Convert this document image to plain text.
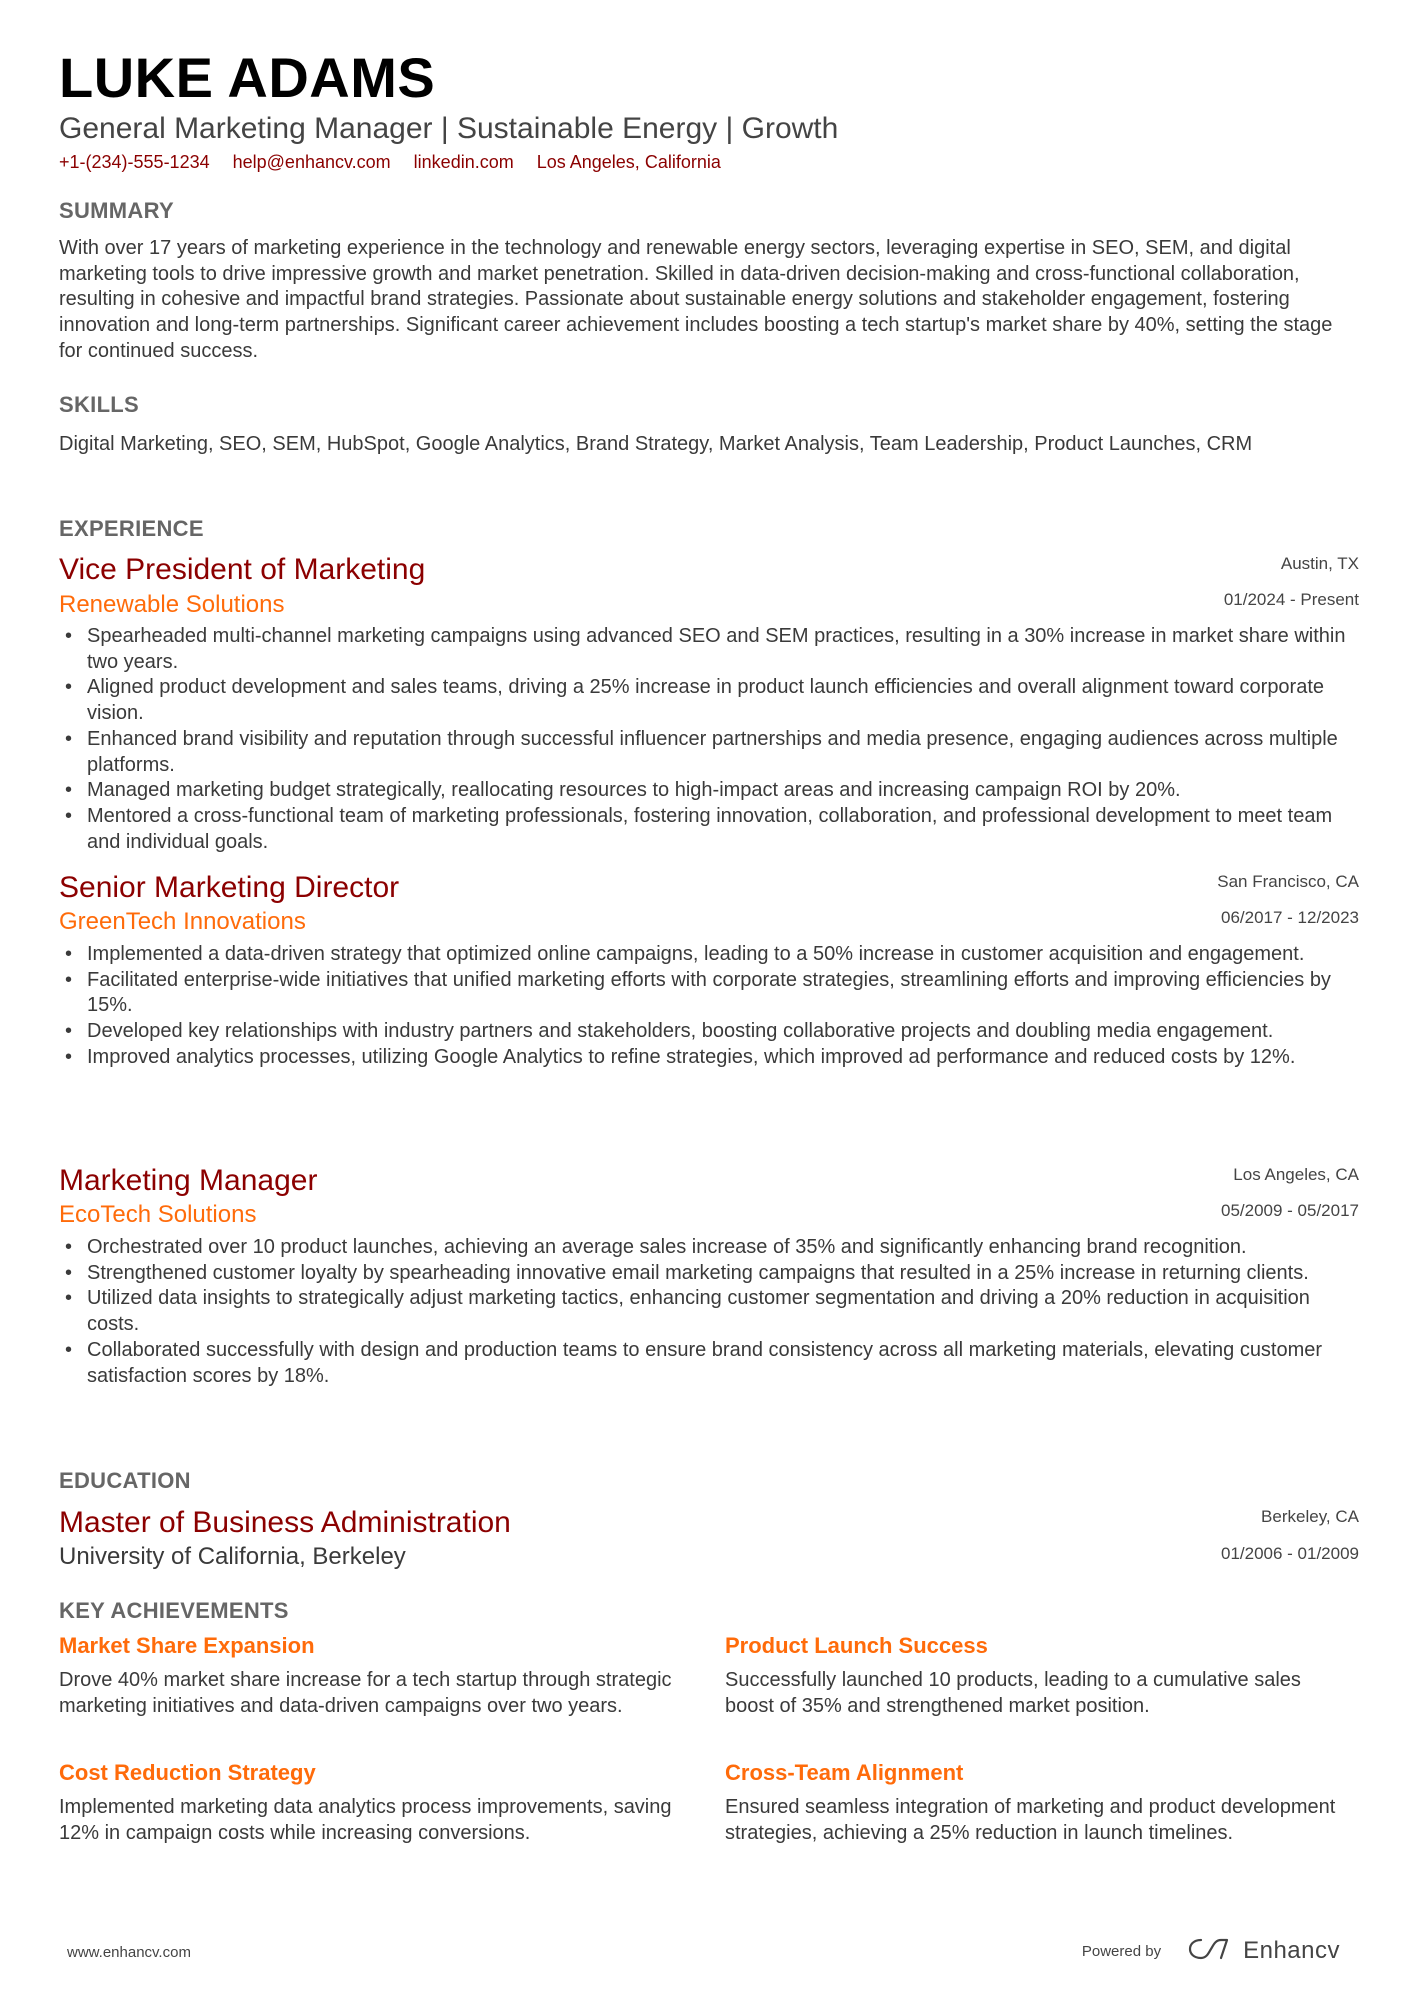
LUKE ADAMS
General Marketing Manager | Sustainable Energy | Growth
+1-(234)-555-1234 help@enhancv.com linkedin.com Los Angeles, California
SUMMARY
With over 17 years of marketing experience in the technology and renewable energy sectors, leveraging expertise in SEO, SEM, and digital marketing tools to drive impressive growth and market penetration. Skilled in data-driven decision-making and cross-functional collaboration, resulting in cohesive and impactful brand strategies. Passionate about sustainable energy solutions and stakeholder engagement, fostering innovation and long-term partnerships. Significant career achievement includes boosting a tech startup's market share by 40%, setting the stage for continued success.
SKILLS
Digital Marketing, SEO, SEM, HubSpot, Google Analytics, Brand Strategy, Market Analysis, Team Leadership, Product Launches, CRM
EXPERIENCE
Vice President of Marketing	Austin, TX
Renewable Solutions	01/2024 - Present
• Spearheaded multi-channel marketing campaigns using advanced SEO and SEM practices, resulting in a 30% increase in market share within two years.
• Aligned product development and sales teams, driving a 25% increase in product launch efficiencies and overall alignment toward corporate vision.
• Enhanced brand visibility and reputation through successful influencer partnerships and media presence, engaging audiences across multiple platforms.
• Managed marketing budget strategically, reallocating resources to high-impact areas and increasing campaign ROI by 20%.
• Mentored a cross-functional team of marketing professionals, fostering innovation, collaboration, and professional development to meet team and individual goals.
Senior Marketing Director	San Francisco, CA
GreenTech Innovations	06/2017 - 12/2023
• Implemented a data-driven strategy that optimized online campaigns, leading to a 50% increase in customer acquisition and engagement.
• Facilitated enterprise-wide initiatives that unified marketing efforts with corporate strategies, streamlining efforts and improving efficiencies by 15%.
• Developed key relationships with industry partners and stakeholders, boosting collaborative projects and doubling media engagement.
• Improved analytics processes, utilizing Google Analytics to refine strategies, which improved ad performance and reduced costs by 12%.
Marketing Manager	Los Angeles, CA
EcoTech Solutions	05/2009 - 05/2017
• Orchestrated over 10 product launches, achieving an average sales increase of 35% and significantly enhancing brand recognition.
• Strengthened customer loyalty by spearheading innovative email marketing campaigns that resulted in a 25% increase in returning clients.
• Utilized data insights to strategically adjust marketing tactics, enhancing customer segmentation and driving a 20% reduction in acquisition costs.
• Collaborated successfully with design and production teams to ensure brand consistency across all marketing materials, elevating customer satisfaction scores by 18%.
EDUCATION
Master of Business Administration	Berkeley, CA
University of California, Berkeley	01/2006 - 01/2009
KEY ACHIEVEMENTS
Market Share Expansion
Drove 40% market share increase for a tech startup through strategic marketing initiatives and data-driven campaigns over two years.
Product Launch Success
Successfully launched 10 products, leading to a cumulative sales boost of 35% and strengthened market position.
Cost Reduction Strategy
Implemented marketing data analytics process improvements, saving 12% in campaign costs while increasing conversions.
Cross-Team Alignment
Ensured seamless integration of marketing and product development strategies, achieving a 25% reduction in launch timelines.
www.enhancv.com	Powered by	Enhancv
